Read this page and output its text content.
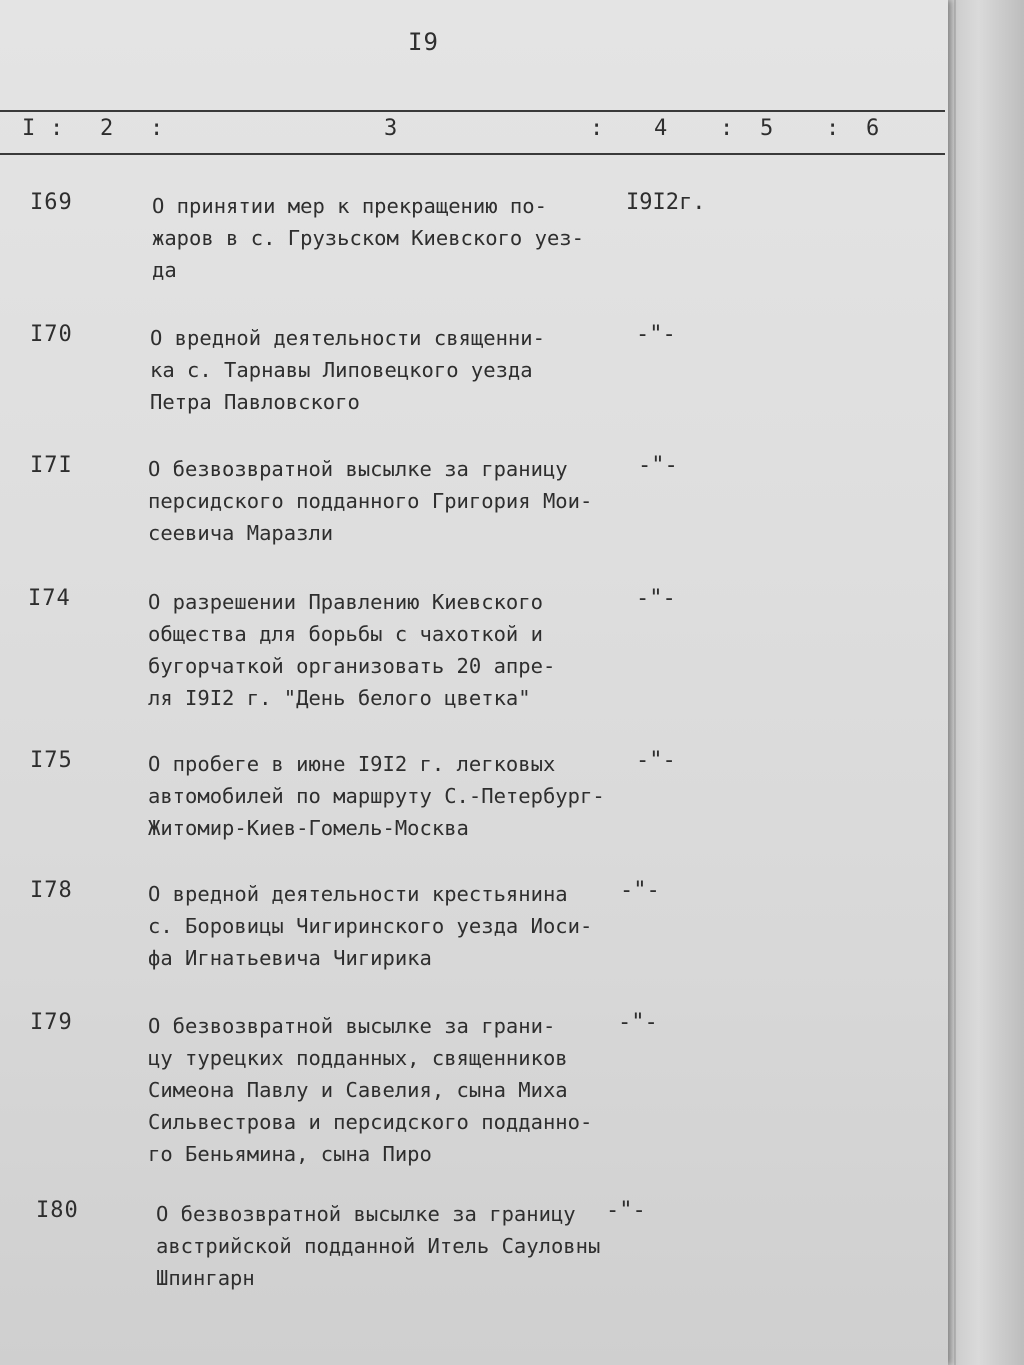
I9
I : 2 :	3	: 4 : 5 : 6
I69	О принятии мер к прекращению по-
жаров в с. Грузьском Киевского уез-
да
I9I2г.
I70	О вредной деятельности священни-
ка с. Тарнавы Липовецкого уезда
Петра Павловского
-"-
I7I	О безвозвратной высылке за границу
персидского подданного Григория Мои-
сеевича Маразли
-"-
I74	О разрешении Правлению Киевского
общества для борьбы с чахоткой и
бугорчаткой организовать 20 апре-
ля I9I2 г. "День белого цветка"
-"-
I75	О пробеге в июне I9I2 г. легковых
автомобилей по маршруту С.-Петербург-
Житомир-Киев-Гомель-Москва
-"-
I78	О вредной деятельности крестьянина
с. Боровицы Чигиринского уезда Иоси-
фа Игнатьевича Чигирика
-"-
I79	О безвозвратной высылке за грани-
цу турецких подданных, священников
Симеона Павлу и Савелия, сына Миха
Сильвестрова и персидского подданно-
го Беньямина, сына Пиро
-"-
I80	О безвозвратной высылке за границу
австрийской подданной Итель Сауловны
Шпингарн
-"-
